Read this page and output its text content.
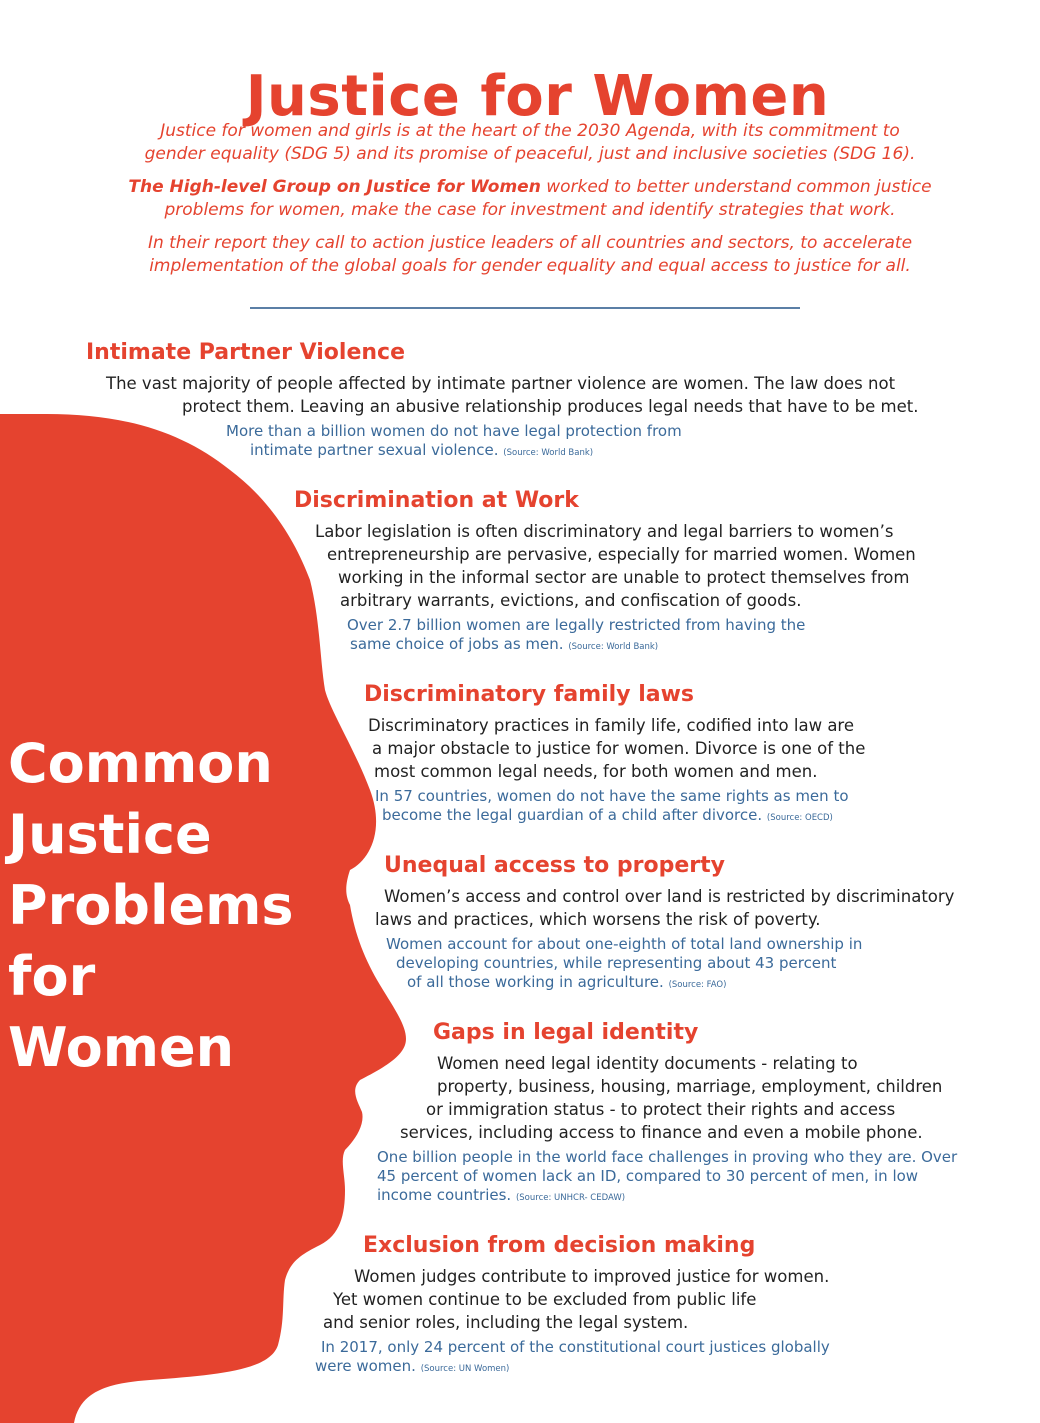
Justice for Women

Justice for women and girls is at the heart of the 2030 Agenda, with its commitment to
gender equality (SDG 5) and its promise of peaceful, just and inclusive societies (SDG 16).

The High-level Group on Justice for Women worked to better understand common justice
problems for women, make the case for investment and identify strategies that work.

In their report they call to action justice leaders of all countries and sectors, to accelerate
implementation of the global goals for gender equality and equal access to justice for all.

Common
Justice
Problems
for
Women
Intimate Partner Violence

The vast majority of people affected by intimate partner violence are women. The law does not

protect them. Leaving an abusive relationship produces legal needs that have to be met.

More than a billion women do not have legal protection from

intimate partner sexual violence. (Source: World Bank)

Discrimination at Work

Labor legislation is often discriminatory and legal barriers to women’s

entrepreneurship are pervasive, especially for married women. Women

working in the informal sector are unable to protect themselves from

arbitrary warrants, evictions, and confiscation of goods.

Over 2.7 billion women are legally restricted from having the

same choice of jobs as men. (Source: World Bank)

Discriminatory family laws

Discriminatory practices in family life, codified into law are

a major obstacle to justice for women. Divorce is one of the

most common legal needs, for both women and men.

In 57 countries, women do not have the same rights as men to

become the legal guardian of a child after divorce. (Source: OECD)

Unequal access to property

Women’s access and control over land is restricted by discriminatory

laws and practices, which worsens the risk of poverty.

Women account for about one-eighth of total land ownership in

developing countries, while representing about 43 percent

of all those working in agriculture. (Source: FAO)

Gaps in legal identity

Women need legal identity documents - relating to

property, business, housing, marriage, employment, children

or immigration status - to protect their rights and access

services, including access to finance and even a mobile phone.

One billion people in the world face challenges in proving who they are. Over

45 percent of women lack an ID, compared to 30 percent of men, in low

income countries. (Source: UNHCR- CEDAW)

Exclusion from decision making

Women judges contribute to improved justice for women.

Yet women continue to be excluded from public life

and senior roles, including the legal system.

In 2017, only 24 percent of the constitutional court justices globally

were women. (Source: UN Women)
